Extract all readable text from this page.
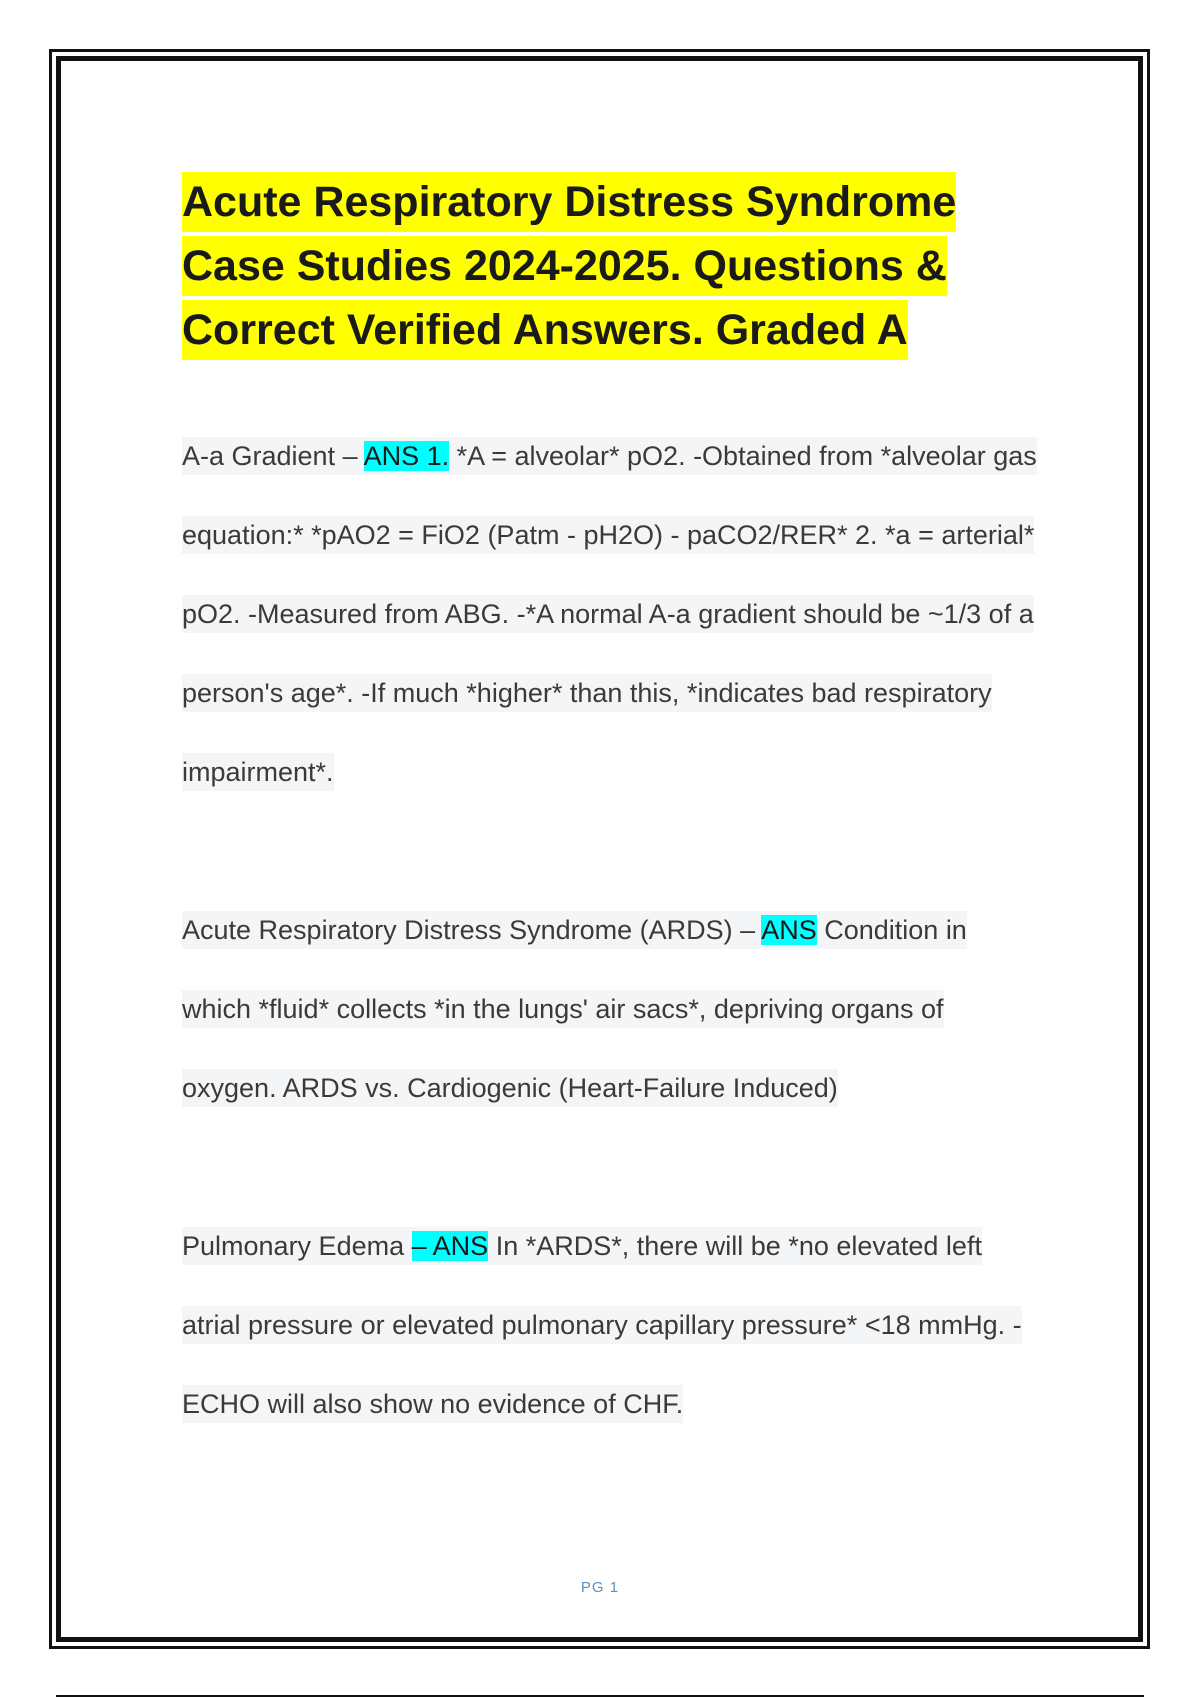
Acute Respiratory Distress Syndrome Case Studies 2024-2025. Questions & Correct Verified Answers. Graded A

A-a Gradient – ANS 1. *A = alveolar* pO2. -Obtained from *alveolar gas equation:* *pAO2 = FiO2 (Patm - pH2O) - paCO2/RER* 2. *a = arterial* pO2. -Measured from ABG. -*A normal A-a gradient should be ~1/3 of a person's age*. -If much *higher* than this, *indicates bad respiratory impairment*.

Acute Respiratory Distress Syndrome (ARDS) – ANS Condition in which *fluid* collects *in the lungs' air sacs*, depriving organs of oxygen. ARDS vs. Cardiogenic (Heart-Failure Induced)

Pulmonary Edema – ANS In *ARDS*, there will be *no elevated left atrial pressure or elevated pulmonary capillary pressure* <18 mmHg. -ECHO will also show no evidence of CHF.

PG 1
